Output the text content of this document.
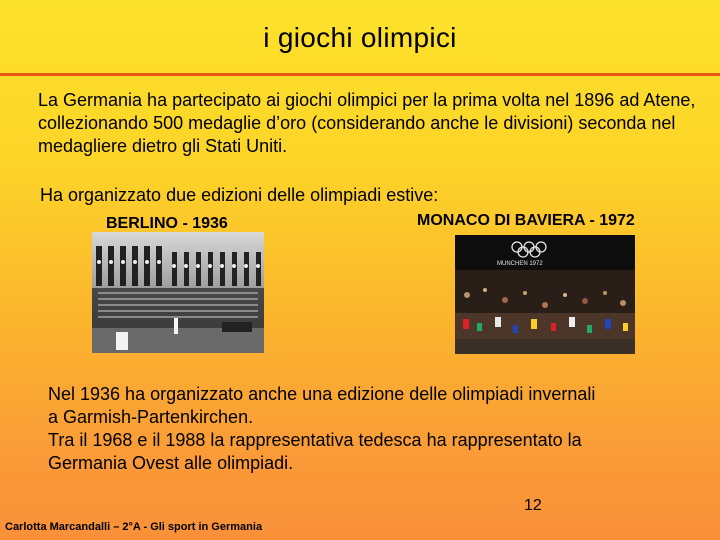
i giochi olimpici
La Germania ha partecipato ai giochi olimpici per la prima volta nel 1896 ad Atene, collezionando 500 medaglie d’oro (considerando anche le divisioni) seconda nel medagliere dietro gli Stati Uniti.
Ha organizzato due edizioni delle olimpiadi estive:
BERLINO - 1936	MONACO DI BAVIERA - 1972
MUNCHEN 1972
Nel 1936 ha organizzato anche una edizione delle olimpiadi invernali
a Garmish-Partenkirchen.
Tra il 1968 e il 1988 la rappresentativa tedesca ha rappresentato la
Germania Ovest alle olimpiadi.
12
Carlotta Marcandalli – 2°A - Gli sport in Germania
